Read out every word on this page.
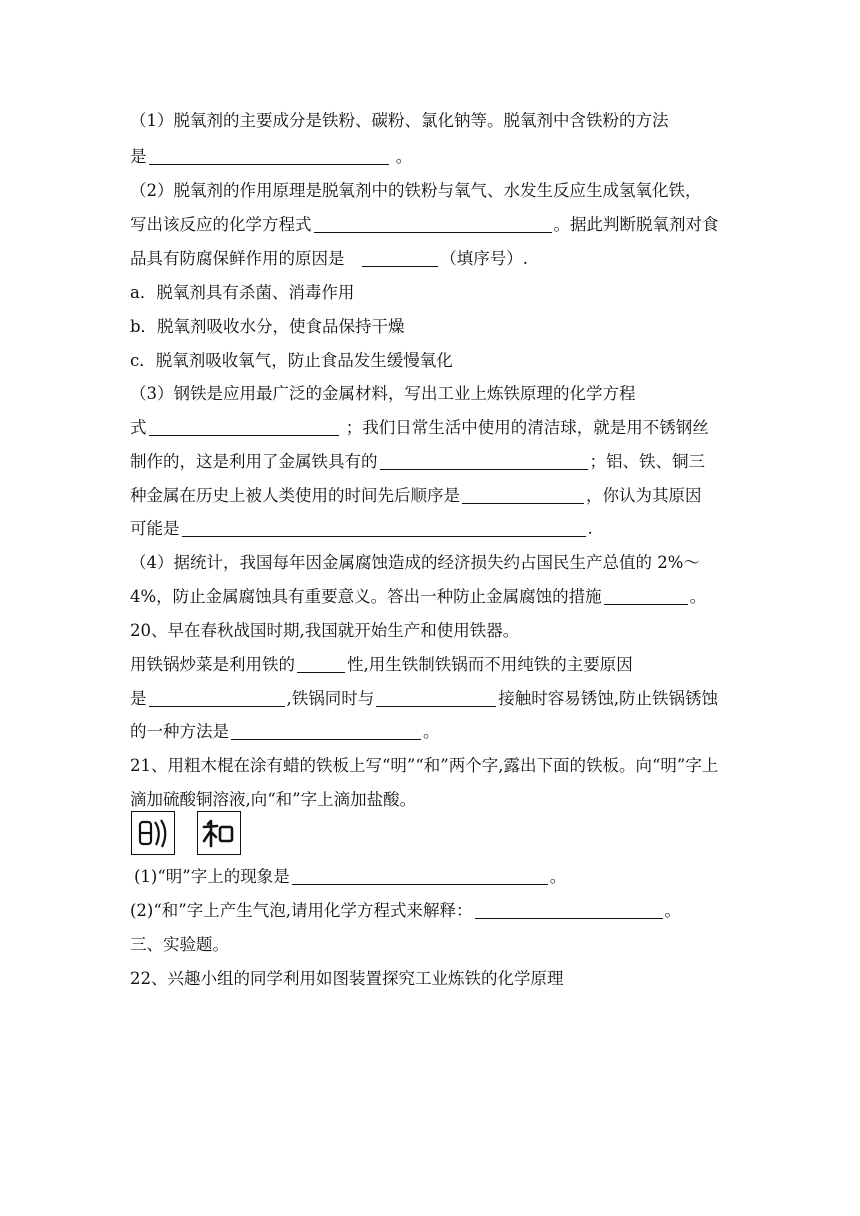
（1）脱氧剂的主要成分是铁粉、碳粉、氯化钠等。脱氧剂中含铁粉的方法
是	。
（2）脱氧剂的作用原理是脱氧剂中的铁粉与氧气、水发生反应生成氢氧化铁，
写出该反应的化学方程式	。据此判断脱氧剂对食
品具有防腐保鲜作用的原因是	（填序号）.
a．脱氧剂具有杀菌、消毒作用
b．脱氧剂吸收水分，使食品保持干燥
c．脱氧剂吸收氧气，防止食品发生缓慢氧化
（3）钢铁是应用最广泛的金属材料，写出工业上炼铁原理的化学方程
式	；我们日常生活中使用的清洁球，就是用不锈钢丝
制作的，这是利用了金属铁具有的	；铝、铁、铜三
种金属在历史上被人类使用的时间先后顺序是	，你认为其原因
可能是	.
（4）据统计，我国每年因金属腐蚀造成的经济损失约占国民生产总值的 2%～
4%，防止金属腐蚀具有重要意义。答出一种防止金属腐蚀的措施	。
20、早在春秋战国时期,我国就开始生产和使用铁器。
用铁锅炒菜是利用铁的	性,用生铁制铁锅而不用纯铁的主要原因
是	,铁锅同时与	接触时容易锈蚀,防止铁锅锈蚀
的一种方法是	。
21、用粗木棍在涂有蜡的铁板上写“明”“和”两个字,露出下面的铁板。向“明”字上
滴加硫酸铜溶液,向“和”字上滴加盐酸。
(1)“明”字上的现象是	。
(2)“和”字上产生气泡,请用化学方程式来解释：	。
三、实验题。
22、兴趣小组的同学利用如图装置探究工业炼铁的化学原理
